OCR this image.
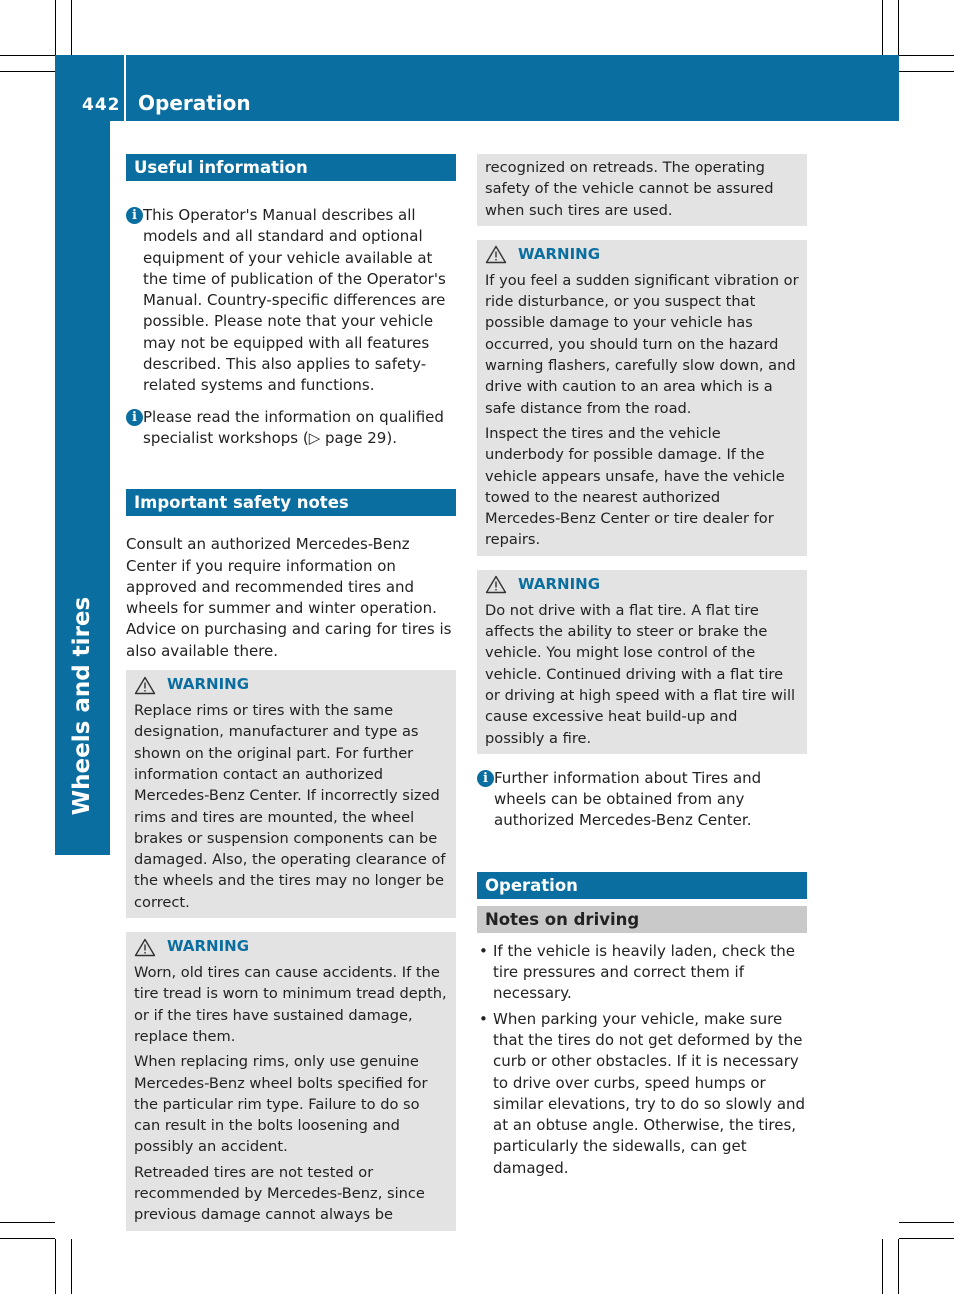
442 Operation
Wheels and tires
Useful information
i This Operator's Manual describes all models and all standard and optional equipment of your vehicle available at the time of publication of the Operator's Manual. Country-specific differences are possible. Please note that your vehicle may not be equipped with all features described. This also applies to safety-related systems and functions.
i Please read the information on qualified specialist workshops (▷ page 29).
Important safety notes

Consult an authorized Mercedes-Benz Center if you require information on approved and recommended tires and wheels for summer and winter operation. Advice on purchasing and caring for tires is also available there.

WARNING

Replace rims or tires with the same designation, manufacturer and type as shown on the original part. For further information contact an authorized Mercedes-Benz Center. If incorrectly sized rims and tires are mounted, the wheel brakes or suspension components can be damaged. Also, the operating clearance of the wheels and the tires may no longer be correct.

WARNING

Worn, old tires can cause accidents. If the tire tread is worn to minimum tread depth, or if the tires have sustained damage, replace them.

When replacing rims, only use genuine Mercedes-Benz wheel bolts specified for the particular rim type. Failure to do so can result in the bolts loosening and possibly an accident.

Retreaded tires are not tested or recommended by Mercedes-Benz, since previous damage cannot always be

recognized on retreads. The operating safety of the vehicle cannot be assured when such tires are used.

WARNING

If you feel a sudden significant vibration or ride disturbance, or you suspect that possible damage to your vehicle has occurred, you should turn on the hazard warning flashers, carefully slow down, and drive with caution to an area which is a safe distance from the road.

Inspect the tires and the vehicle underbody for possible damage. If the vehicle appears unsafe, have the vehicle towed to the nearest authorized Mercedes-Benz Center or tire dealer for repairs.

WARNING

Do not drive with a flat tire. A flat tire affects the ability to steer or brake the vehicle. You might lose control of the vehicle. Continued driving with a flat tire or driving at high speed with a flat tire will cause excessive heat build-up and possibly a fire.

i Further information about Tires and wheels can be obtained from any authorized Mercedes-Benz Center.
Operation
Notes on driving

• If the vehicle is heavily laden, check the tire pressures and correct them if necessary.

• When parking your vehicle, make sure that the tires do not get deformed by the curb or other obstacles. If it is necessary to drive over curbs, speed humps or similar elevations, try to do so slowly and at an obtuse angle. Otherwise, the tires, particularly the sidewalls, can get damaged.
